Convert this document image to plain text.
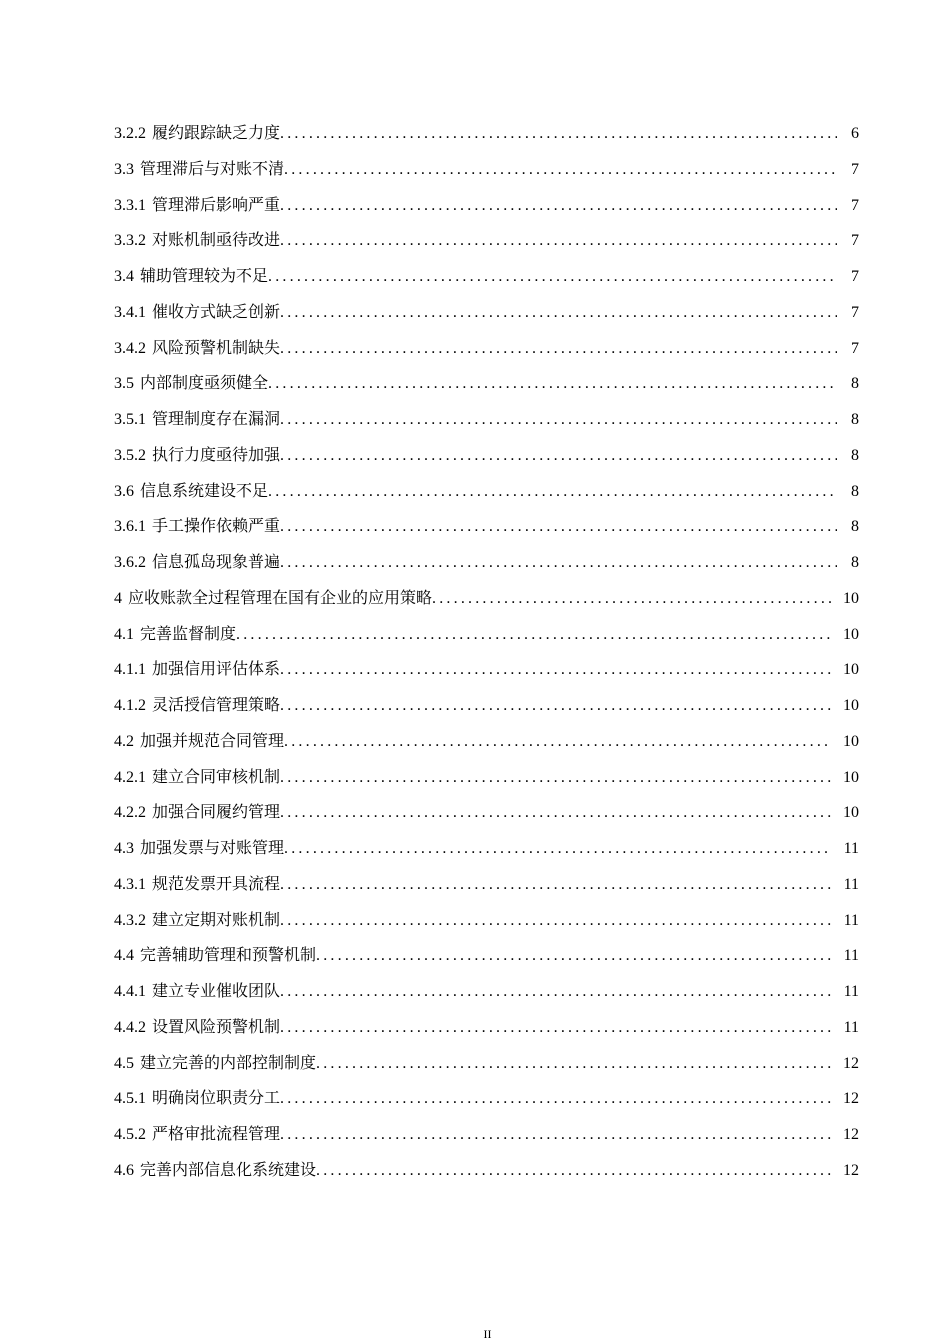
3.2.2 履约跟踪缺乏力度 .....	6
3.3 管理滞后与对账不清 .....	7
3.3.1 管理滞后影响严重 .....	7
3.3.2 对账机制亟待改进 .....	7
3.4 辅助管理较为不足 .....	7
3.4.1 催收方式缺乏创新 .....	7
3.4.2 风险预警机制缺失 .....	7
3.5 内部制度亟须健全 .....	8
3.5.1 管理制度存在漏洞 .....	8
3.5.2 执行力度亟待加强 .....	8
3.6 信息系统建设不足 .....	8
3.6.1 手工操作依赖严重 .....	8
3.6.2 信息孤岛现象普遍 .....	8
4 应收账款全过程管理在国有企业的应用策略 .....	10
4.1 完善监督制度 .....	10
4.1.1 加强信用评估体系 .....	10
4.1.2 灵活授信管理策略 .....	10
4.2 加强并规范合同管理 .....	10
4.2.1 建立合同审核机制 .....	10
4.2.2 加强合同履约管理 .....	10
4.3 加强发票与对账管理 .....	11
4.3.1 规范发票开具流程 .....	11
4.3.2 建立定期对账机制 .....	11
4.4 完善辅助管理和预警机制 .....	11
4.4.1 建立专业催收团队 .....	11
4.4.2 设置风险预警机制 .....	11
4.5 建立完善的内部控制制度 .....	12
4.5.1 明确岗位职责分工 .....	12
4.5.2 严格审批流程管理 .....	12
4.6 完善内部信息化系统建设 .....	12
II
